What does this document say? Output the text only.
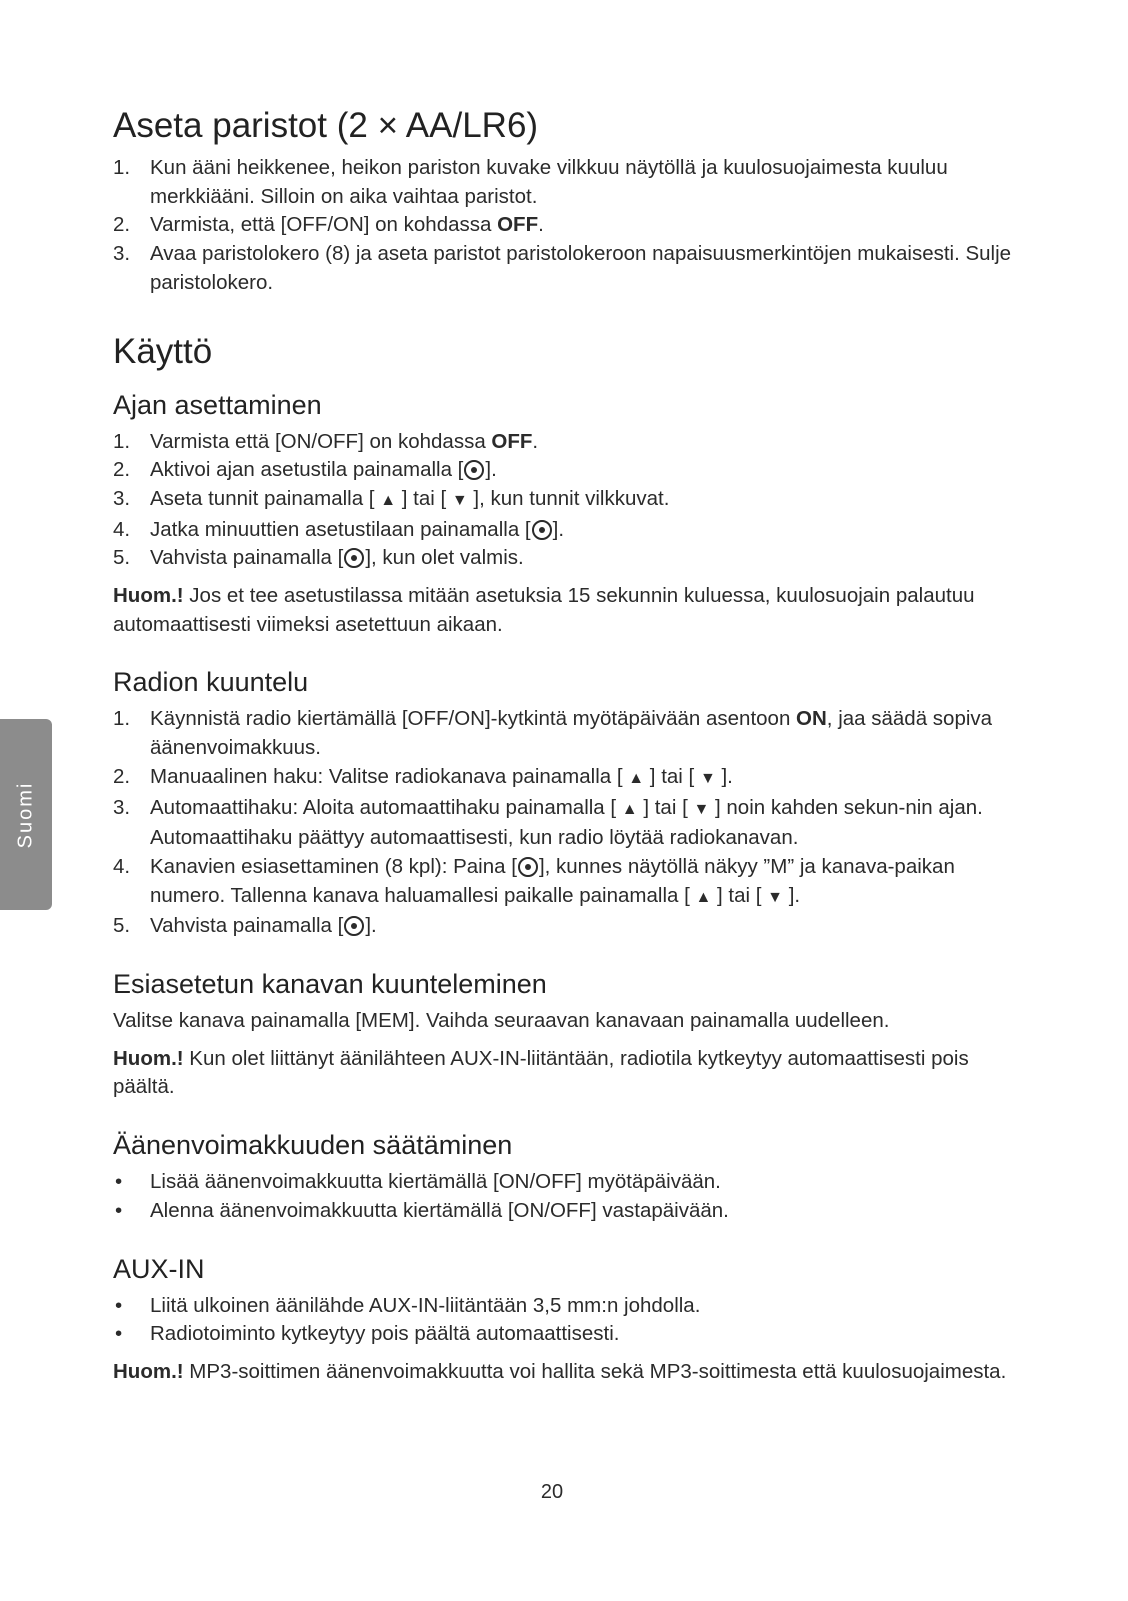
Suomi
Aseta paristot (2 × AA/LR6)
1. Kun ääni heikkenee, heikon pariston kuvake vilkkuu näytöllä ja kuulosuojaimesta kuuluu merkkiääni. Silloin on aika vaihtaa paristot.
2. Varmista, että [OFF/ON] on kohdassa OFF.
3. Avaa paristolokero (8) ja aseta paristot paristolokeroon napaisuusmerkintöjen mukaisesti. Sulje paristolokero.
Käyttö
Ajan asettaminen
1. Varmista että [ON/OFF] on kohdassa OFF.
2. Aktivoi ajan asetustila painamalla [ ].
3. Aseta tunnit painamalla [ ▲ ] tai [ ▼ ], kun tunnit vilkkuvat.
4. Jatka minuuttien asetustilaan painamalla [ ].
5. Vahvista painamalla [ ], kun olet valmis.

Huom.! Jos et tee asetustilassa mitään asetuksia 15 sekunnin kuluessa, kuulosuojain palautuu automaattisesti viimeksi asetettuun aikaan.

Radion kuuntelu
1. Käynnistä radio kiertämällä [OFF/ON]-kytkintä myötäpäivään asentoon ON, jaa säädä sopiva äänenvoimakkuus.
2. Manuaalinen haku: Valitse radiokanava painamalla [ ▲ ] tai [ ▼ ].
3. Automaattihaku: Aloita automaattihaku painamalla [ ▲ ] tai [ ▼ ] noin kahden sekun-nin ajan. Automaattihaku päättyy automaattisesti, kun radio löytää radiokanavan.
4. Kanavien esiasettaminen (8 kpl): Paina [ ], kunnes näytöllä näkyy ”M” ja kanava-paikan numero. Tallenna kanava haluamallesi paikalle painamalla [ ▲ ] tai [ ▼ ].
5. Vahvista painamalla [ ].
Esiasetetun kanavan kuunteleminen

Valitse kanava painamalla [MEM]. Vaihda seuraavan kanavaan painamalla uudelleen.

Huom.! Kun olet liittänyt äänilähteen AUX-IN-liitäntään, radiotila kytkeytyy automaattisesti pois päältä.

Äänenvoimakkuuden säätäminen
• Lisää äänenvoimakkuutta kiertämällä [ON/OFF] myötäpäivään.
• Alenna äänenvoimakkuutta kiertämällä [ON/OFF] vastapäivään.
AUX-IN
• Liitä ulkoinen äänilähde AUX-IN-liitäntään 3,5 mm:n johdolla.
• Radiotoiminto kytkeytyy pois päältä automaattisesti.

Huom.! MP3-soittimen äänenvoimakkuutta voi hallita sekä MP3-soittimesta että kuulosuojaimesta.

20
